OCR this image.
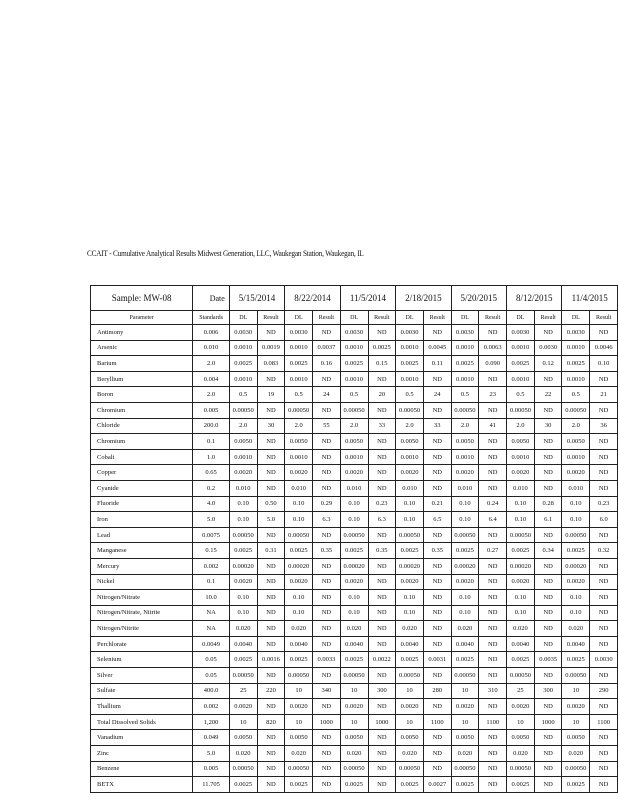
CCAIT - Cumulative Analytical Results Midwest Generation, LLC, Waukegan Station, Waukegan, IL
Sample: MW-08	Date	5/15/2014		8/22/2014		11/5/2014		2/18/2015		5/20/2015		8/12/2015		11/4/2015	
Parameter	Standards	DL	Result	DL	Result	DL	Result	DL	Result	DL	Result	DL	Result	DL	Result
Antimony	0.006	0.0030	ND	0.0030	ND	0.0030	ND	0.0030	ND	0.0030	ND	0.0030	ND	0.0030	ND
Arsenic	0.010	0.0010	0.0019	0.0010	0.0037	0.0010	0.0025	0.0010	0.0045	0.0010	0.0063	0.0010	0.0030	0.0010	0.0046
Barium	2.0	0.0025	0.083	0.0025	0.16	0.0025	0.15	0.0025	0.11	0.0025	0.090	0.0025	0.12	0.0025	0.10
Beryllium	0.004	0.0010	ND	0.0010	ND	0.0010	ND	0.0010	ND	0.0010	ND	0.0010	ND	0.0010	ND
Boron	2.0	0.5	19	0.5	24	0.5	20	0.5	24	0.5	23	0.5	22	0.5	21
Chromium	0.005	0.00050	ND	0.00050	ND	0.00050	ND	0.00050	ND	0.00050	ND	0.00050	ND	0.00050	ND
Chloride	200.0	2.0	30	2.0	55	2.0	33	2.0	33	2.0	41	2.0	30	2.0	36
Chromium	0.1	0.0050	ND	0.0050	ND	0.0050	ND	0.0050	ND	0.0050	ND	0.0050	ND	0.0050	ND
Cobalt	1.0	0.0010	ND	0.0010	ND	0.0010	ND	0.0010	ND	0.0010	ND	0.0010	ND	0.0010	ND
Copper	0.65	0.0020	ND	0.0020	ND	0.0020	ND	0.0020	ND	0.0020	ND	0.0020	ND	0.0020	ND
Cyanide	0.2	0.010	ND	0.010	ND	0.010	ND	0.010	ND	0.010	ND	0.010	ND	0.010	ND
Fluoride	4.0	0.10	0.50	0.10	0.29	0.10	0.23	0.10	0.21	0.10	0.24	0.10	0.28	0.10	0.23
Iron	5.0	0.10	5.0	0.10	6.3	0.10	6.3	0.10	6.5	0.10	6.4	0.10	6.1	0.10	6.0
Lead	0.0075	0.00050	ND	0.00050	ND	0.00050	ND	0.00050	ND	0.00050	ND	0.00050	ND	0.00050	ND
Manganese	0.15	0.0025	0.31	0.0025	0.35	0.0025	0.35	0.0025	0.35	0.0025	0.27	0.0025	0.34	0.0025	0.32
Mercury	0.002	0.00020	ND	0.00020	ND	0.00020	ND	0.00020	ND	0.00020	ND	0.00020	ND	0.00020	ND
Nickel	0.1	0.0020	ND	0.0020	ND	0.0020	ND	0.0020	ND	0.0020	ND	0.0020	ND	0.0020	ND
Nitrogen/Nitrate	10.0	0.10	ND	0.10	ND	0.10	ND	0.10	ND	0.10	ND	0.10	ND	0.10	ND
Nitrogen/Nitrate, Nitrite	NA	0.10	ND	0.10	ND	0.10	ND	0.10	ND	0.10	ND	0.10	ND	0.10	ND
Nitrogen/Nitrite	NA	0.020	ND	0.020	ND	0.020	ND	0.020	ND	0.020	ND	0.020	ND	0.020	ND
Perchlorate	0.0049	0.0040	ND	0.0040	ND	0.0040	ND	0.0040	ND	0.0040	ND	0.0040	ND	0.0040	ND
Selenium	0.05	0.0025	0.0016	0.0025	0.0033	0.0025	0.0022	0.0025	0.0031	0.0025	ND	0.0025	0.0035	0.0025	0.0030
Silver	0.05	0.00050	ND	0.00050	ND	0.00050	ND	0.00050	ND	0.00050	ND	0.00050	ND	0.00050	ND
Sulfate	400.0	25	220	10	340	10	300	10	280	10	310	25	300	10	290
Thallium	0.002	0.0020	ND	0.0020	ND	0.0020	ND	0.0020	ND	0.0020	ND	0.0020	ND	0.0020	ND
Total Dissolved Solids	1,200	10	820	10	1000	10	1000	10	1100	10	1100	10	1000	10	1100
Vanadium	0.049	0.0050	ND	0.0050	ND	0.0050	ND	0.0050	ND	0.0050	ND	0.0050	ND	0.0050	ND
Zinc	5.0	0.020	ND	0.020	ND	0.020	ND	0.020	ND	0.020	ND	0.020	ND	0.020	ND
Benzene	0.005	0.00050	ND	0.00050	ND	0.00050	ND	0.00050	ND	0.00050	ND	0.00050	ND	0.00050	ND
BETX	11.705	0.0025	ND	0.0025	ND	0.0025	ND	0.0025	0.0027	0.0025	ND	0.0025	ND	0.0025	ND
